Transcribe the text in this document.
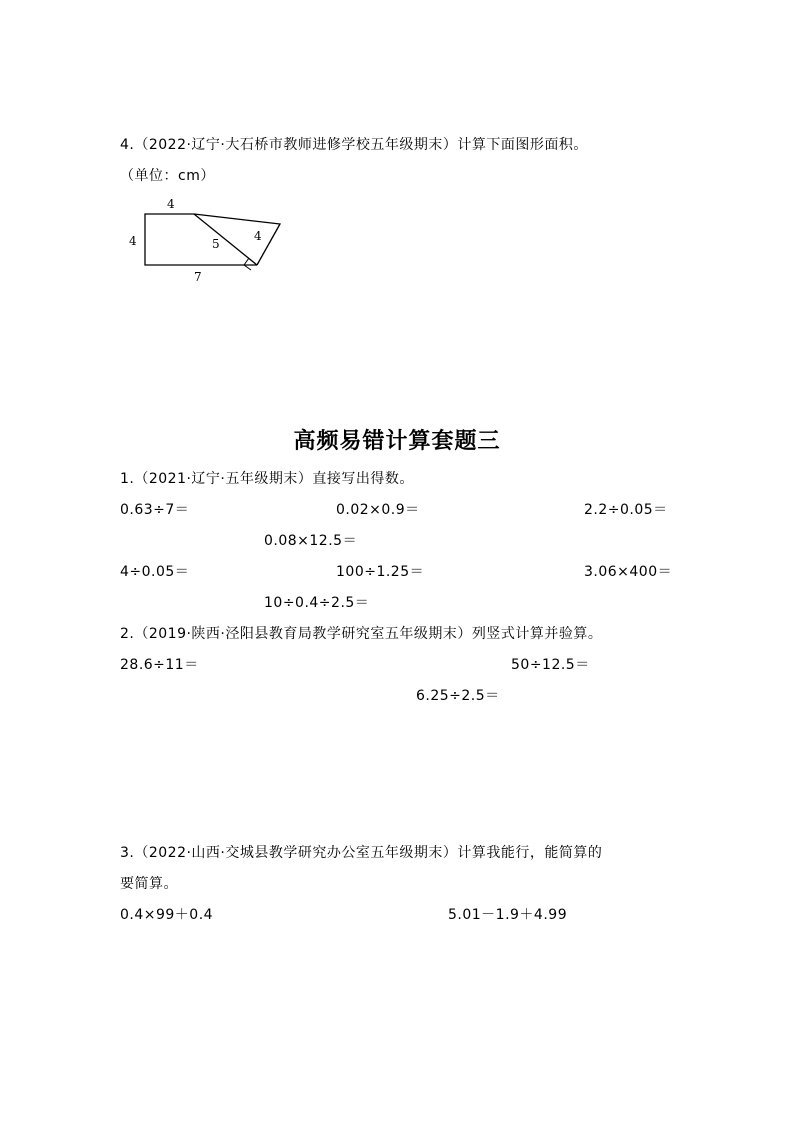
4.（2022·辽宁·大石桥市教师进修学校五年级期末）计算下面图形面积。
（单位：cm）
4
4	5
4
7
高频易错计算套题三
1.（2021·辽宁·五年级期末）直接写出得数。
0.63÷7＝	0.02×0.9＝	2.2÷0.05＝
0.08×12.5＝
4÷0.05＝	100÷1.25＝	3.06×400＝
10÷0.4÷2.5＝
2.（2019·陕西·泾阳县教育局教学研究室五年级期末）列竖式计算并验算。
28.6÷11＝	50÷12.5＝
6.25÷2.5＝
3.（2022·山西·交城县教学研究办公室五年级期末）计算我能行，能简算的
要简算。
0.4×99＋0.4	5.01－1.9＋4.99
